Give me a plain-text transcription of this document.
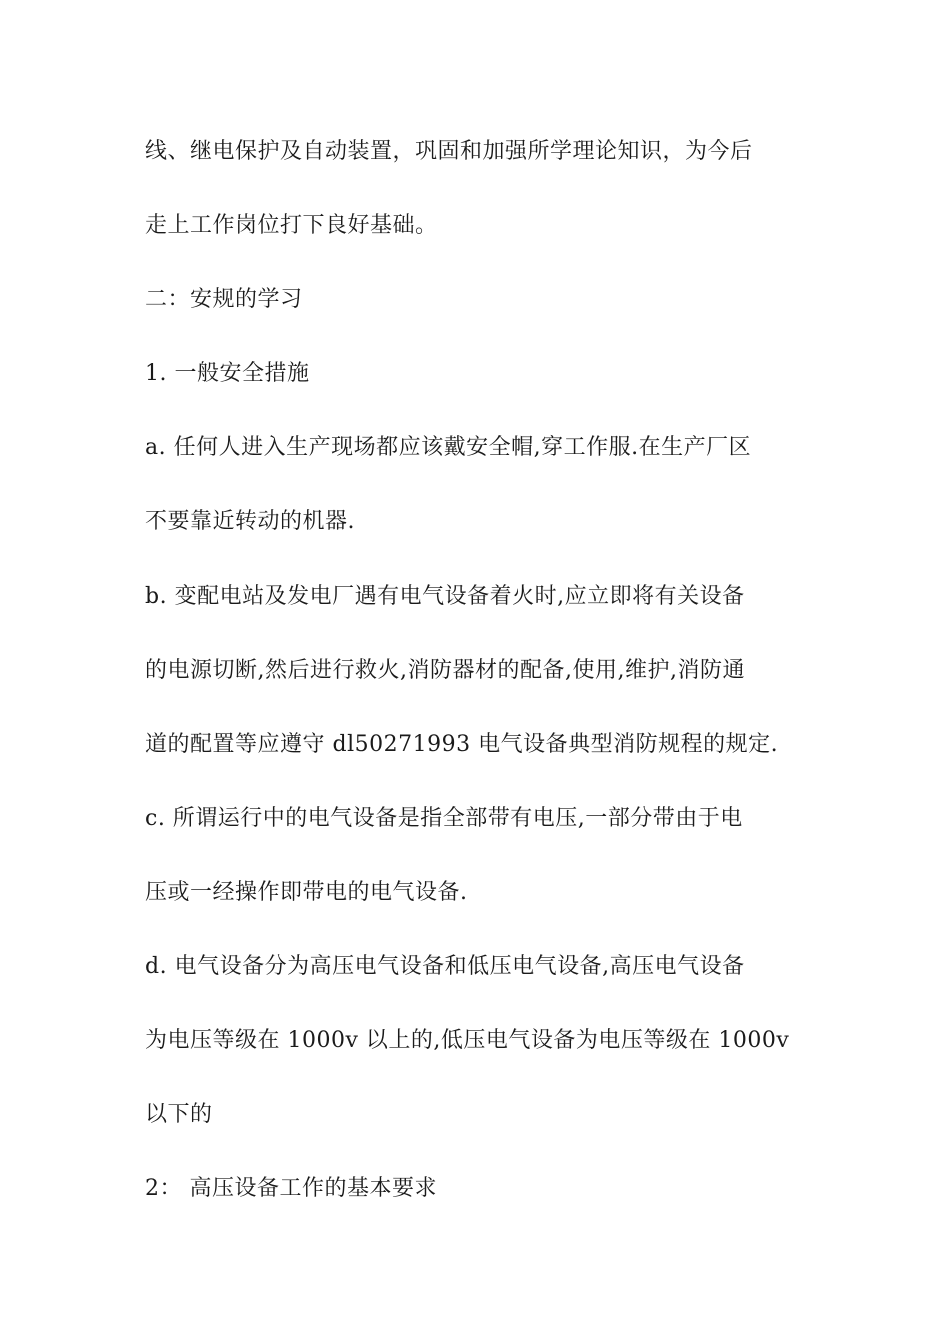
线、继电保护及自动装置，巩固和加强所学理论知识，为今后
走上工作岗位打下良好基础。
二：安规的学习
1. 一般安全措施
a. 任何人进入生产现场都应该戴安全帽,穿工作服.在生产厂区
不要靠近转动的机器.
b. 变配电站及发电厂遇有电气设备着火时,应立即将有关设备
的电源切断,然后进行救火,消防器材的配备,使用,维护,消防通
道的配置等应遵守 dl50271993 电气设备典型消防规程的规定.
c. 所谓运行中的电气设备是指全部带有电压,一部分带由于电
压或一经操作即带电的电气设备.
d. 电气设备分为高压电气设备和低压电气设备,高压电气设备
为电压等级在 1000v 以上的,低压电气设备为电压等级在 1000v
以下的
2： 高压设备工作的基本要求
